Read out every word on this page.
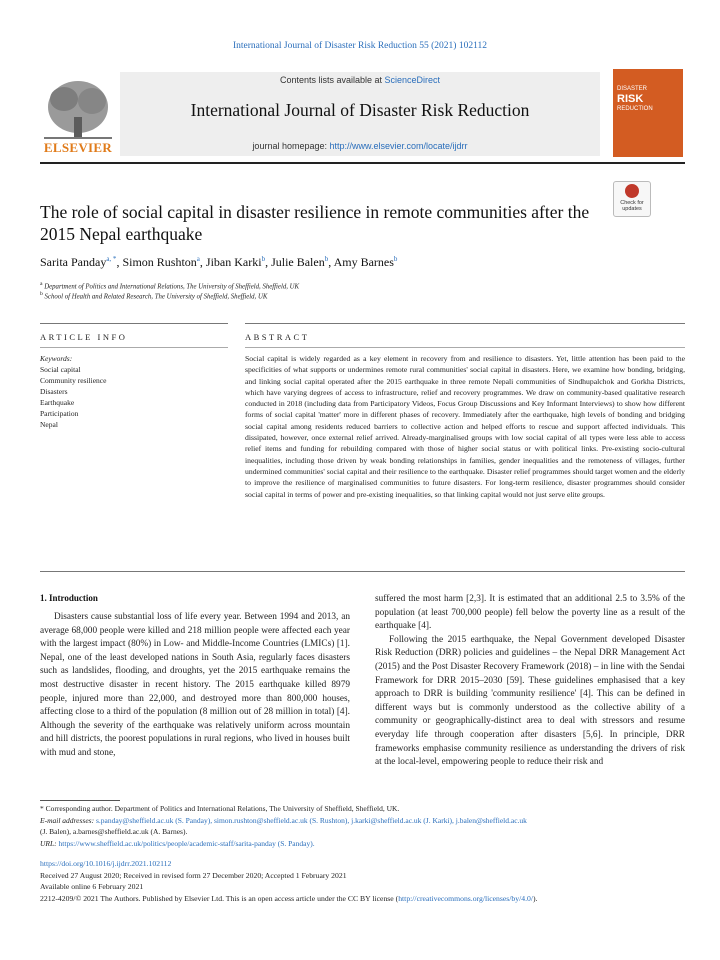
International Journal of Disaster Risk Reduction 55 (2021) 102112
ELSEVIER
Contents lists available at ScienceDirect
International Journal of Disaster Risk Reduction
journal homepage: http://www.elsevier.com/locate/ijdrr
DISASTER
RISK
REDUCTION
The role of social capital in disaster resilience in remote communities after the 2015 Nepal earthquake
Check for updates
Sarita Panday$^{a, *}$, Simon Rushton$^a$, Jiban Karki$^b$, Julie Balen$^b$, Amy Barnes$^b$
$^a$ Department of Politics and International Relations, The University of Sheffield, Sheffield, UK
$^b$ School of Health and Related Research, The University of Sheffield, Sheffield, UK
ARTICLE INFO	ABSTRACT
Keywords:
Social capital
Community resilience
Disasters
Earthquake
Participation
Nepal
Social capital is widely regarded as a key element in recovery from and resilience to disasters. Yet, little attention has been paid to the specificities of what supports or undermines remote rural communities' social capital in disasters. Here, we examine how bonding, bridging, and linking social capital operated after the 2015 earthquake in three remote Nepali communities of Sindhupalchok and Gorkha Districts, which have varying degrees of access to infrastructure, relief and recovery programmes. We draw on community-based qualitative research conducted in 2018 (including data from Participatory Videos, Focus Group Discussions and Key Informant Interviews) to show how different forms of social capital 'matter' more in different phases of recovery. Immediately after the earthquake, high levels of bonding and bridging social capital among residents reduced barriers to collective action and helped efforts to rescue and support affected individuals. This dissipated, however, once external relief arrived. Already-marginalised groups with low social capital of all types were less able to access relief items and funding for rebuilding compared with those of higher social status or with political links. Pre-existing socio-cultural inequalities, including those driven by weak bonding relationships in families, gender inequalities and the remoteness of villages, further undermined communities' social capital and their resilience to the earthquake. Disaster relief programmes should target women and the elderly to improve the resilience of marginalised communities to future disasters. For long-term resilience, disaster programmes should consider social capital in terms of power and pre-existing inequalities, so that linking capital would not just serve elite groups.
1. Introduction

Disasters cause substantial loss of life every year. Between 1994 and 2013, an average 68,000 people were killed and 218 million people were affected each year with the largest impact (80%) in Low- and Middle-Income Countries (LMICs) [1]. Nepal, one of the least developed nations in South Asia, regularly faces disasters such as landslides, flooding, and droughts, yet the 2015 earthquake remains the most destructive disaster in recent history. The 2015 earthquake killed 8979 people, injured more than 22,000, and destroyed more than 800,000 houses, affecting close to a third of the population (8 million out of 28 million in total) [4]. Although the severity of the earthquake was relatively uniform across mountain and hill districts, the poorest populations in rural regions, who lived in houses built with mud and stone,

suffered the most harm [2,3]. It is estimated that an additional 2.5 to 3.5% of the population (at least 700,000 people) fell below the poverty line as a result of the earthquake [4].

Following the 2015 earthquake, the Nepal Government developed Disaster Risk Reduction (DRR) policies and guidelines – the Nepal DRR Management Act (2015) and the Post Disaster Recovery Framework (2018) – in line with the Sendai Framework for DRR 2015–2030 [59]. These guidelines emphasised that a key approach to DRR is building 'community resilience' [4]. This can be defined in different ways but is commonly understood as the collective ability of a community or geographically-distinct area to deal with stressors and resume everyday life through cooperation after disasters [5,6]. In principle, DRR frameworks emphasise community resilience as understanding the drivers of risk at the local-level, empowering people to reduce their risk and

* Corresponding author. Department of Politics and International Relations, The University of Sheffield, Sheffield, UK.

E-mail addresses: s.panday@sheffield.ac.uk (S. Panday), simon.rushton@sheffield.ac.uk (S. Rushton), j.karki@sheffield.ac.uk (J. Karki), j.balen@sheffield.ac.uk

(J. Balen), a.barnes@sheffield.ac.uk (A. Barnes).

URL: https://www.sheffield.ac.uk/politics/people/academic-staff/sarita-panday (S. Panday).

https://doi.org/10.1016/j.ijdrr.2021.102112

Received 27 August 2020; Received in revised form 27 December 2020; Accepted 1 February 2021

Available online 6 February 2021

2212-4209/© 2021 The Authors. Published by Elsevier Ltd. This is an open access article under the CC BY license (http://creativecommons.org/licenses/by/4.0/).
